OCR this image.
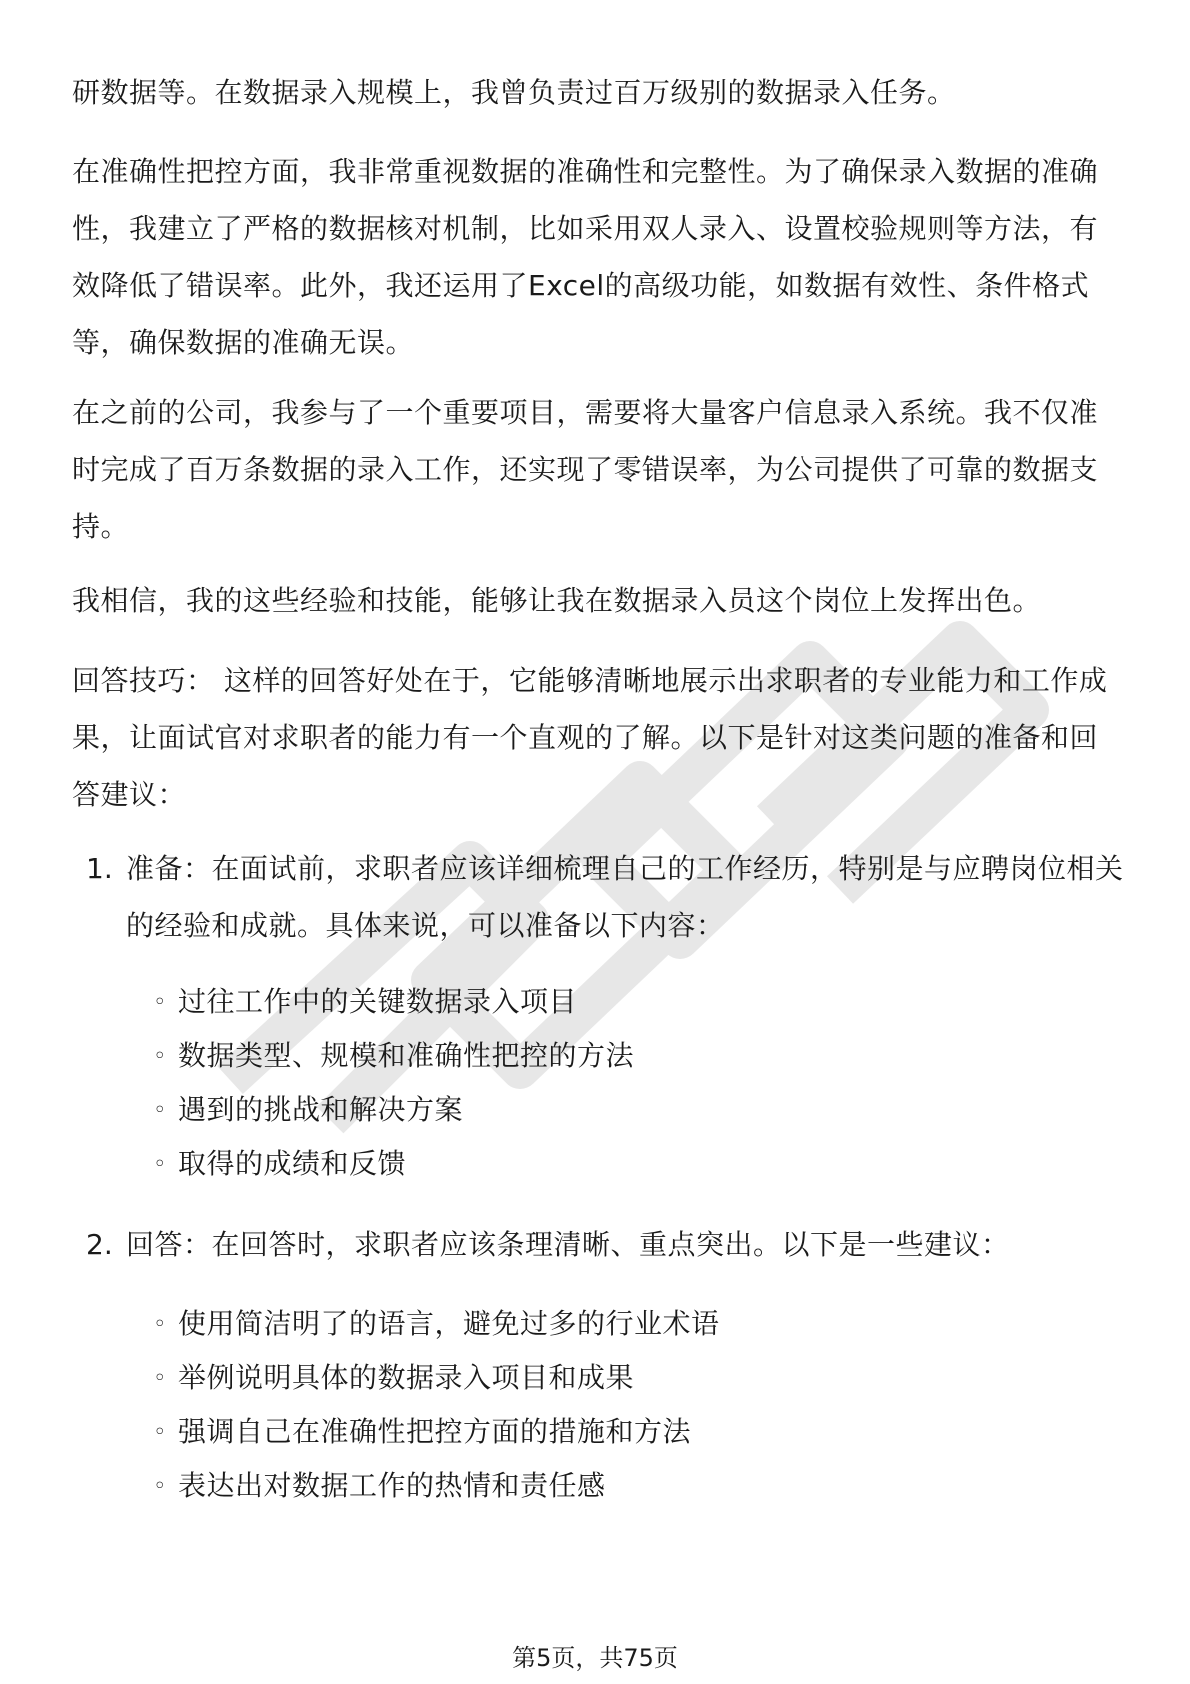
研数据等。在数据录入规模上，我曾负责过百万级别的数据录入任务。

在准确性把控方面，我非常重视数据的准确性和完整性。为了确保录入数据的准确性，我建立了严格的数据核对机制，比如采用双人录入、设置校验规则等方法，有效降低了错误率。此外，我还运用了Excel的高级功能，如数据有效性、条件格式等，确保数据的准确无误。

在之前的公司，我参与了一个重要项目，需要将大量客户信息录入系统。我不仅准时完成了百万条数据的录入工作，还实现了零错误率，为公司提供了可靠的数据支持。

我相信，我的这些经验和技能，能够让我在数据录入员这个岗位上发挥出色。

回答技巧： 这样的回答好处在于，它能够清晰地展示出求职者的专业能力和工作成果，让面试官对求职者的能力有一个直观的了解。以下是针对这类问题的准备和回答建议：

1. 准备：在面试前，求职者应该详细梳理自己的工作经历，特别是与应聘岗位相关的经验和成就。具体来说，可以准备以下内容：
◦ 过往工作中的关键数据录入项目
◦ 数据类型、规模和准确性把控的方法
◦ 遇到的挑战和解决方案
◦ 取得的成绩和反馈
2. 回答：在回答时，求职者应该条理清晰、重点突出。以下是一些建议：
◦ 使用简洁明了的语言，避免过多的行业术语
◦ 举例说明具体的数据录入项目和成果
◦ 强调自己在准确性把控方面的措施和方法
◦ 表达出对数据工作的热情和责任感
第5页，共75页
